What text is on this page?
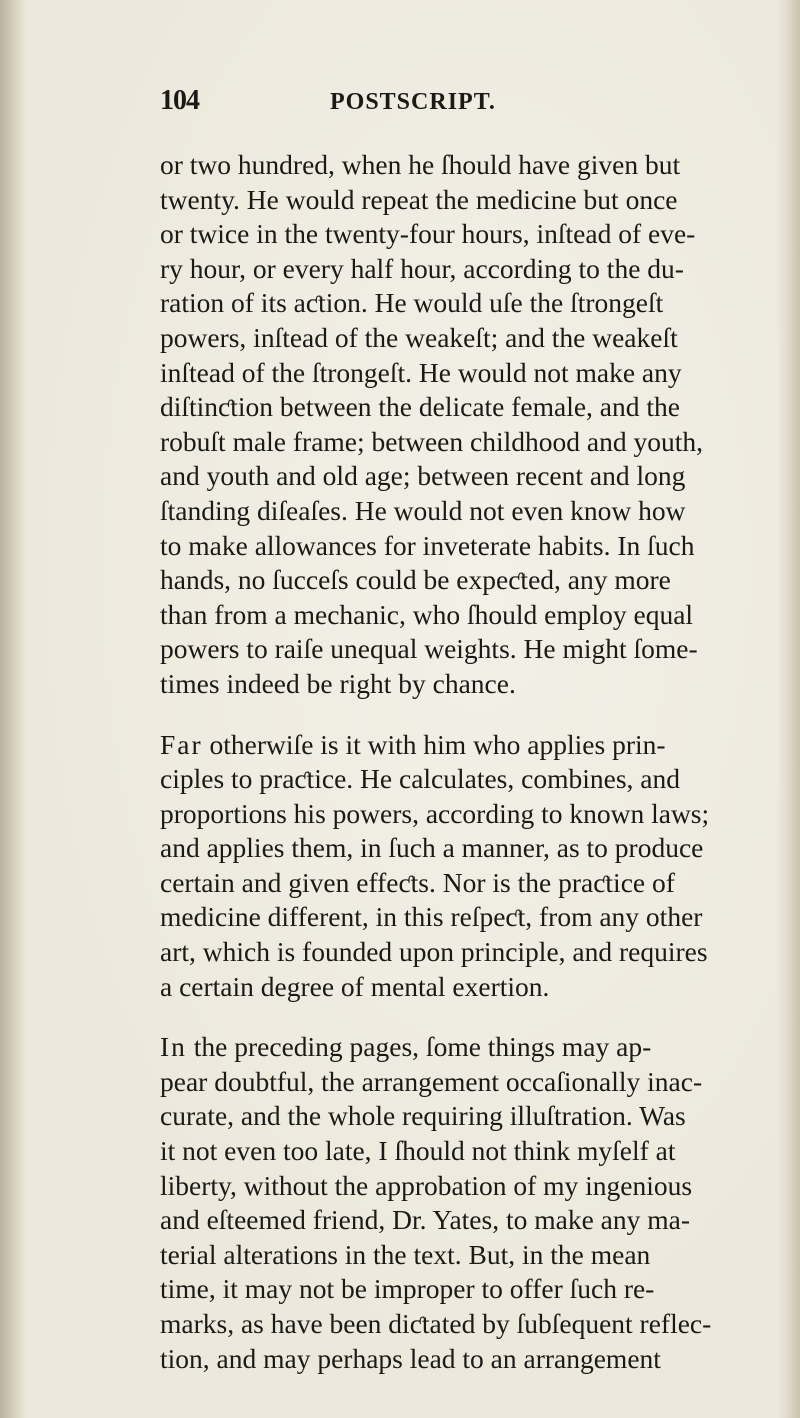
104	POSTSCRIPT.
or two hundred, when he ſhould have given but
twenty. He would repeat the medicine but once
or twice in the twenty-four hours, inſtead of eve-
ry hour, or every half hour, according to the du-
ration of its aƈtion. He would uſe the ſtrongeſt
powers, inſtead of the weakeſt; and the weakeſt
inſtead of the ſtrongeſt. He would not make any
diſtinƈtion between the delicate female, and the
robuſt male frame; between childhood and youth,
and youth and old age; between recent and long
ſtanding diſeaſes. He would not even know how
to make allowances for inveterate habits. In ſuch
hands, no ſucceſs could be expeƈted, any more
than from a mechanic, who ſhould employ equal
powers to raiſe unequal weights. He might ſome-
times indeed be right by chance.
Far otherwiſe is it with him who applies prin-
ciples to praƈtice. He calculates, combines, and
proportions his powers, according to known laws;
and applies them, in ſuch a manner, as to produce
certain and given effeƈts. Nor is the praƈtice of
medicine different, in this reſpeƈt, from any other
art, which is founded upon principle, and requires
a certain degree of mental exertion.
In the preceding pages, ſome things may ap-
pear doubtful, the arrangement occaſionally inac-
curate, and the whole requiring illuſtration. Was
it not even too late, I ſhould not think myſelf at
liberty, without the approbation of my ingenious
and eſteemed friend, Dr. Yates, to make any ma-
terial alterations in the text. But, in the mean
time, it may not be improper to offer ſuch re-
marks, as have been diƈtated by ſubſequent reflec-
tion, and may perhaps lead to an arrangement
